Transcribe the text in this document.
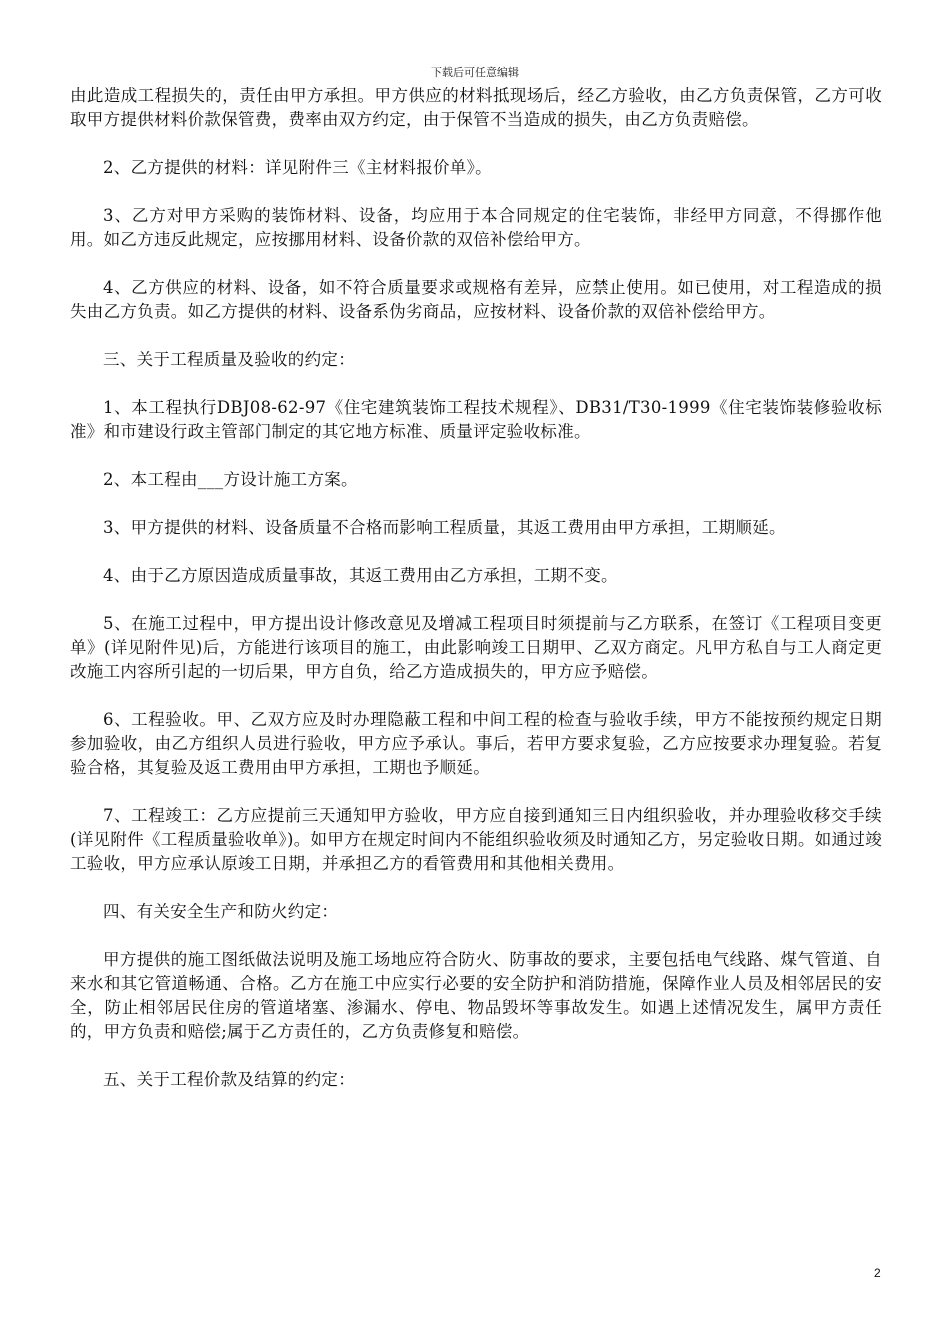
下载后可任意编辑

由此造成工程损失的，责任由甲方承担。甲方供应的材料抵现场后，经乙方验收，由乙方负责保管，乙方可收取甲方提供材料价款保管费，费率由双方约定，由于保管不当造成的损失，由乙方负责赔偿。

2、乙方提供的材料：详见附件三《主材料报价单》。

3、乙方对甲方采购的装饰材料、设备，均应用于本合同规定的住宅装饰，非经甲方同意，不得挪作他用。如乙方违反此规定，应按挪用材料、设备价款的双倍补偿给甲方。

4、乙方供应的材料、设备，如不符合质量要求或规格有差异，应禁止使用。如已使用，对工程造成的损失由乙方负责。如乙方提供的材料、设备系伪劣商品，应按材料、设备价款的双倍补偿给甲方。

三、关于工程质量及验收的约定：

1、本工程执行DBJ08-62-97《住宅建筑装饰工程技术规程》、DB31/T30-1999《住宅装饰装修验收标准》和市建设行政主管部门制定的其它地方标准、质量评定验收标准。

2、本工程由___方设计施工方案。

3、甲方提供的材料、设备质量不合格而影响工程质量，其返工费用由甲方承担，工期顺延。

4、由于乙方原因造成质量事故，其返工费用由乙方承担，工期不变。

5、在施工过程中，甲方提出设计修改意见及增减工程项目时须提前与乙方联系，在签订《工程项目变更单》(详见附件见)后，方能进行该项目的施工，由此影响竣工日期甲、乙双方商定。凡甲方私自与工人商定更改施工内容所引起的一切后果，甲方自负，给乙方造成损失的，甲方应予赔偿。

6、工程验收。甲、乙双方应及时办理隐蔽工程和中间工程的检查与验收手续，甲方不能按预约规定日期参加验收，由乙方组织人员进行验收，甲方应予承认。事后，若甲方要求复验，乙方应按要求办理复验。若复验合格，其复验及返工费用由甲方承担，工期也予顺延。

7、工程竣工：乙方应提前三天通知甲方验收，甲方应自接到通知三日内组织验收，并办理验收移交手续(详见附件《工程质量验收单》)。如甲方在规定时间内不能组织验收须及时通知乙方，另定验收日期。如通过竣工验收，甲方应承认原竣工日期，并承担乙方的看管费用和其他相关费用。

四、有关安全生产和防火约定：

甲方提供的施工图纸做法说明及施工场地应符合防火、防事故的要求，主要包括电气线路、煤气管道、自来水和其它管道畅通、合格。乙方在施工中应实行必要的安全防护和消防措施，保障作业人员及相邻居民的安全，防止相邻居民住房的管道堵塞、渗漏水、停电、物品毁坏等事故发生。如遇上述情况发生，属甲方责任的，甲方负责和赔偿;属于乙方责任的，乙方负责修复和赔偿。

五、关于工程价款及结算的约定：

2
